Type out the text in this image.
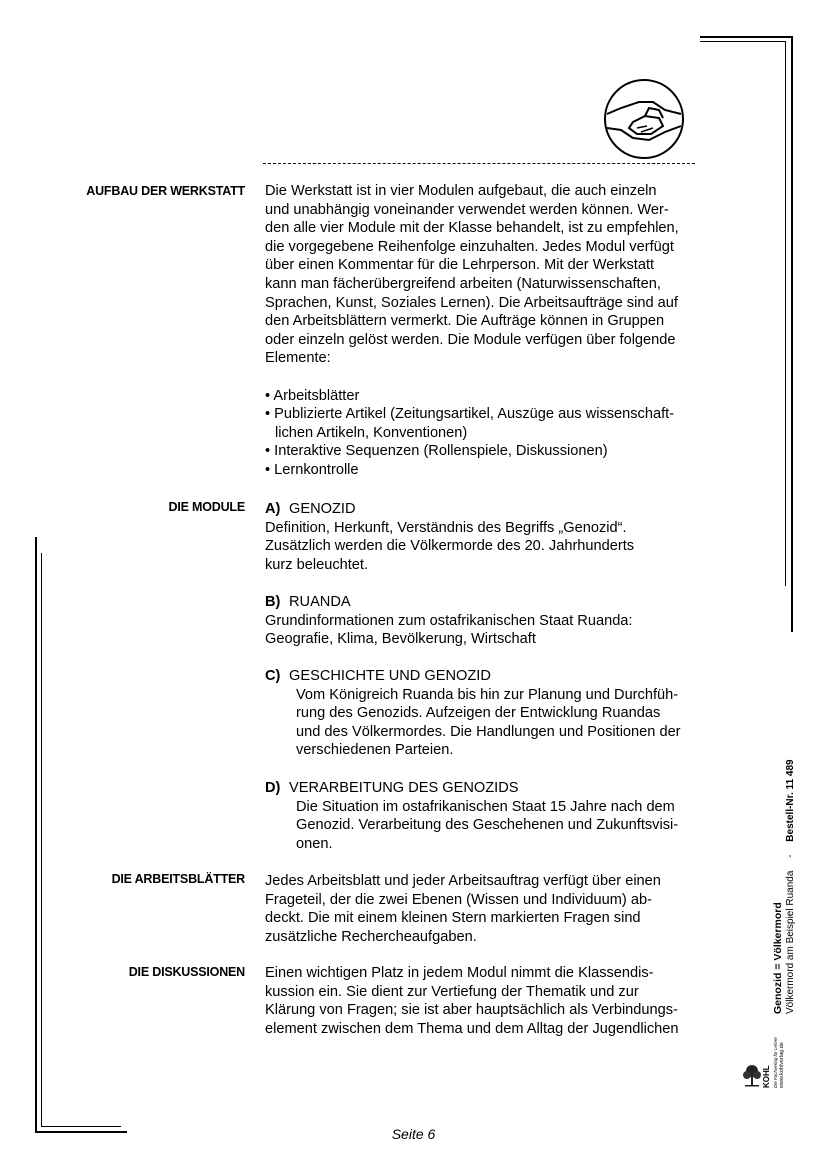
AUFBAU DER WERKSTATT Die Werkstatt ist in vier Modulen aufgebaut, die auch einzeln

und unabhängig voneinander verwendet werden können. Wer-

den alle vier Module mit der Klasse behandelt, ist zu empfehlen,

die vorgegebene Reihenfolge einzuhalten. Jedes Modul verfügt

über einen Kommentar für die Lehrperson. Mit der Werkstatt

kann man fächerübergreifend arbeiten (Naturwissenschaften,

Sprachen, Kunst, Soziales Lernen). Die Arbeitsaufträge sind auf

den Arbeitsblättern vermerkt. Die Aufträge können in Gruppen

oder einzeln gelöst werden. Die Module verfügen über folgende

Elemente:

• Arbeitsblätter
• Publizierte Artikel (Zeitungsartikel, Auszüge aus wissenschaft- lichen Artikeln, Konventionen)
• Interaktive Sequenzen (Rollenspiele, Diskussionen)
• Lernkontrolle
DIE MODULE A) GENOZID

Definition, Herkunft, Verständnis des Begriffs „Genozid“.

Zusätzlich werden die Völkermorde des 20. Jahrhunderts

kurz beleuchtet.

B) RUANDA

Grundinformationen zum ostafrikanischen Staat Ruanda:

Geografie, Klima, Bevölkerung, Wirtschaft

C) GESCHICHTE UND GENOZID

Vom Königreich Ruanda bis hin zur Planung und Durchfüh-

rung des Genozids. Aufzeigen der Entwicklung Ruandas

und des Völkermordes. Die Handlungen und Positionen der

verschiedenen Parteien.

D) VERARBEITUNG DES GENOZIDS

Die Situation im ostafrikanischen Staat 15 Jahre nach dem

Genozid. Verarbeitung des Geschehenen und Zukunftsvisi-

onen.

DIE ARBEITSBLÄTTER Jedes Arbeitsblatt und jeder Arbeitsauftrag verfügt über einen

Frageteil, der die zwei Ebenen (Wissen und Individuum) ab-

deckt. Die mit einem kleinen Stern markierten Fragen sind

zusätzliche Rechercheaufgaben.

DIE DISKUSSIONEN Einen wichtigen Platz in jedem Modul nimmt die Klassendis-

kussion ein. Sie dient zur Vertiefung der Thematik und zur

Klärung von Fragen; sie ist aber hauptsächlich als Verbindungs-

element zwischen dem Thema und dem Alltag der Jugendlichen

Seite 6
Genozid = Völkermord Völkermord am Beispiel Ruanda - Bestell-Nr. 11 489
KOHL Die Fachverlag für Lehrer www.kohlverlag.de
